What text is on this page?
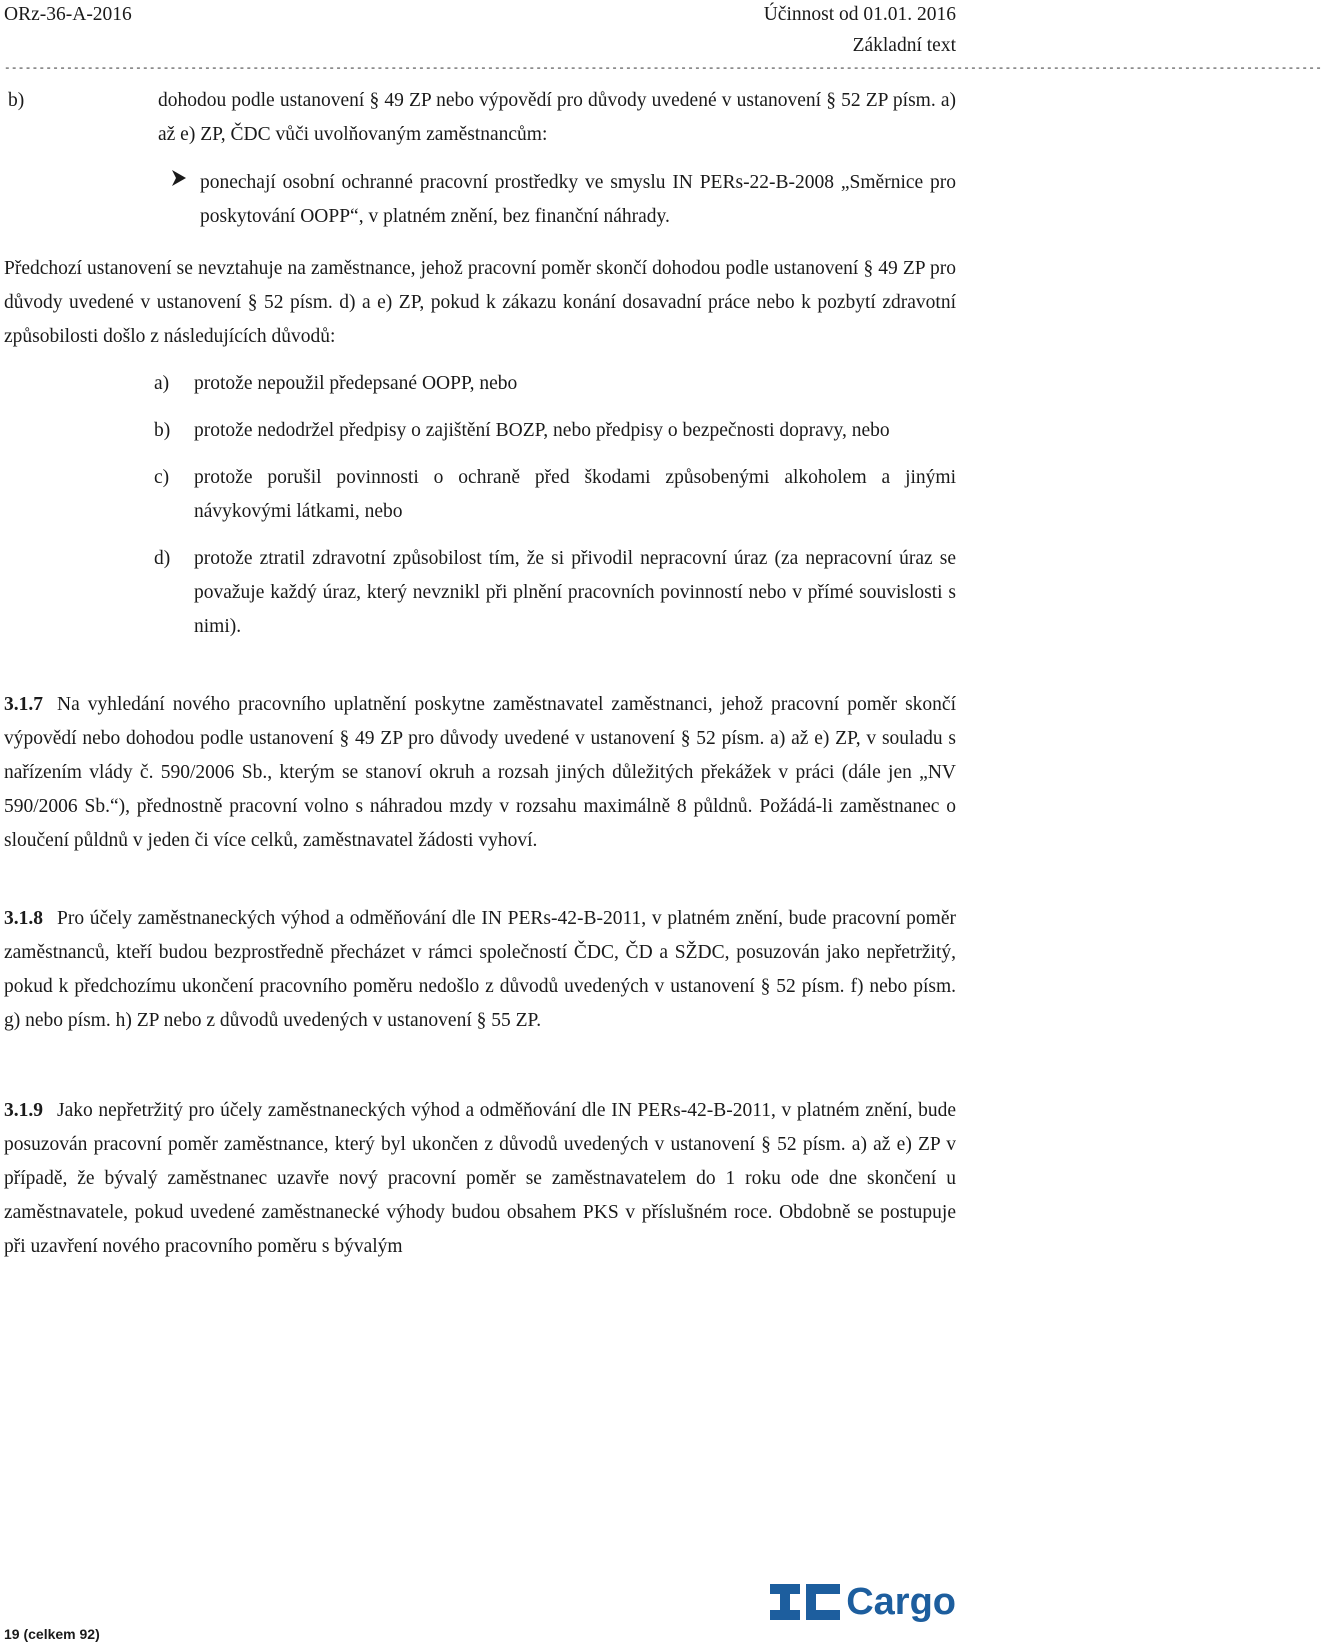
ORz-36-A-2016	Účinnost od 01.01. 2016
Základní text
-----------------------------------------------------------------------------------------------------------------------------------------------------------------------------------------------
b)	dohodou podle ustanovení § 49 ZP nebo výpovědí pro důvody uvedené v ustanovení § 52 ZP písm. a) až e) ZP, ČDC vůči uvolňovaným zaměstnancům:
ponechají osobní ochranné pracovní prostředky ve smyslu IN PERs-22-B-2008 „Směrnice pro poskytování OOPP“, v platném znění, bez finanční náhrady.

Předchozí ustanovení se nevztahuje na zaměstnance, jehož pracovní poměr skončí dohodou podle ustanovení § 49 ZP pro důvody uvedené v ustanovení § 52 písm. d) a e) ZP, pokud k zákazu konání dosavadní práce nebo k pozbytí zdravotní způsobilosti došlo z následujících důvodů:

a)	protože nepoužil předepsané OOPP, nebo
b)	protože nedodržel předpisy o zajištění BOZP, nebo předpisy o bezpečnosti dopravy, nebo
c)	protože porušil povinnosti o ochraně před škodami způsobenými alkoholem a jinými návykovými látkami, nebo
d)	protože ztratil zdravotní způsobilost tím, že si přivodil nepracovní úraz (za nepracovní úraz se považuje každý úraz, který nevznikl při plnění pracovních povinností nebo v přímé souvislosti s nimi).

3.1.7 Na vyhledání nového pracovního uplatnění poskytne zaměstnavatel zaměstnanci, jehož pracovní poměr skončí výpovědí nebo dohodou podle ustanovení § 49 ZP pro důvody uvedené v ustanovení § 52 písm. a) až e) ZP, v souladu s nařízením vlády č. 590/2006 Sb., kterým se stanoví okruh a rozsah jiných důležitých překážek v práci (dále jen „NV 590/2006 Sb.“), přednostně pracovní volno s náhradou mzdy v rozsahu maximálně 8 půldnů. Požádá-li zaměstnanec o sloučení půldnů v jeden či více celků, zaměstnavatel žádosti vyhoví.

3.1.8 Pro účely zaměstnaneckých výhod a odměňování dle IN PERs-42-B-2011, v platném znění, bude pracovní poměr zaměstnanců, kteří budou bezprostředně přecházet v rámci společností ČDC, ČD a SŽDC, posuzován jako nepřetržitý, pokud k předchozímu ukončení pracovního poměru nedošlo z důvodů uvedených v ustanovení § 52 písm. f) nebo písm. g) nebo písm. h) ZP nebo z důvodů uvedených v ustanovení § 55 ZP.

3.1.9 Jako nepřetržitý pro účely zaměstnaneckých výhod a odměňování dle IN PERs-42-B-2011, v platném znění, bude posuzován pracovní poměr zaměstnance, který byl ukončen z důvodů uvedených v ustanovení § 52 písm. a) až e) ZP v případě, že bývalý zaměstnanec uzavře nový pracovní poměr se zaměstnavatelem do 1 roku ode dne skončení u zaměstnavatele, pokud uvedené zaměstnanecké výhody budou obsahem PKS v příslušném roce. Obdobně se postupuje při uzavření nového pracovního poměru s bývalým

19 (celkem 92)
Cargo
